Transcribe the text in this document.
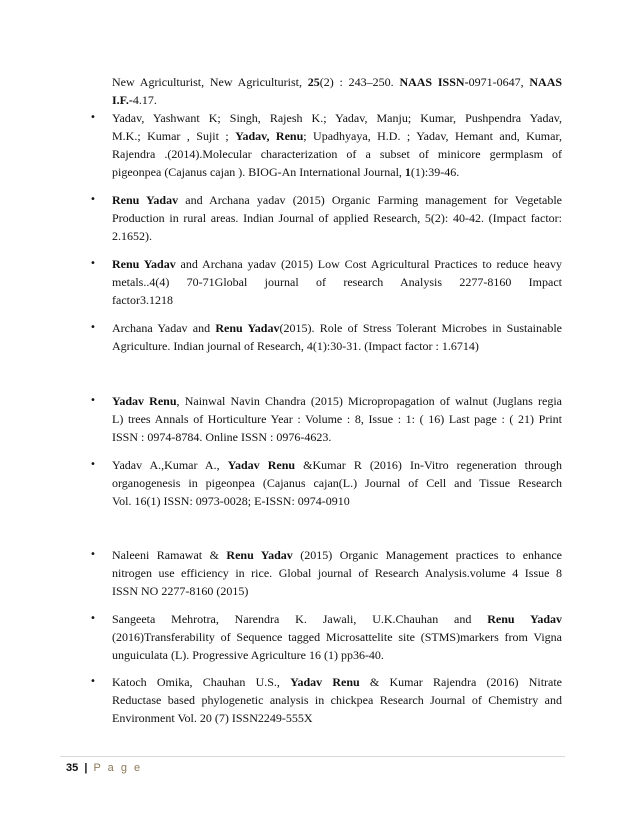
New Agriculturist, New Agriculturist, 25(2) : 243–250. NAAS ISSN-0971-0647, NAAS
I.F.-4.17.
•	Yadav, Yashwant K; Singh, Rajesh K.; Yadav, Manju; Kumar, Pushpendra Yadav,
M.K.; Kumar , Sujit ; Yadav, Renu; Upadhyaya, H.D. ; Yadav, Hemant and, Kumar,
Rajendra .(2014).Molecular characterization of a subset of minicore germplasm of
pigeonpea (Cajanus cajan ). BIOG-An International Journal, 1(1):39-46.
•	Renu Yadav and Archana yadav (2015) Organic Farming management for Vegetable
Production in rural areas. Indian Journal of applied Research, 5(2): 40-42. (Impact factor:
2.1652).
•	Renu Yadav and Archana yadav (2015) Low Cost Agricultural Practices to reduce heavy
metals..4(4) 70-71Global journal of research Analysis 2277-8160 Impact
factor3.1218
•	Archana Yadav and Renu Yadav(2015). Role of Stress Tolerant Microbes in Sustainable
Agriculture. Indian journal of Research, 4(1):30-31. (Impact factor : 1.6714)
•	Yadav Renu, Nainwal Navin Chandra (2015) Micropropagation of walnut (Juglans regia
L) trees Annals of Horticulture Year : Volume : 8, Issue : 1: ( 16) Last page : ( 21) Print
ISSN : 0974-8784. Online ISSN : 0976-4623.
•	Yadav A.,Kumar A., Yadav Renu &Kumar R (2016) In-Vitro regeneration through
organogenesis in pigeonpea (Cajanus cajan(L.) Journal of Cell and Tissue Research
Vol. 16(1) ISSN: 0973-0028; E-ISSN: 0974-0910
•	Naleeni Ramawat & Renu Yadav (2015) Organic Management practices to enhance
nitrogen use efficiency in rice. Global journal of Research Analysis.volume 4 Issue 8
ISSN NO 2277-8160 (2015)
•	Sangeeta Mehrotra, Narendra K. Jawali, U.K.Chauhan and Renu Yadav
(2016)Transferability of Sequence tagged Microsattelite site (STMS)markers from Vigna
unguiculata (L). Progressive Agriculture 16 (1) pp36-40.
•	Katoch Omika, Chauhan U.S., Yadav Renu & Kumar Rajendra (2016) Nitrate
Reductase based phylogenetic analysis in chickpea Research Journal of Chemistry and
Environment Vol. 20 (7) ISSN2249-555X
35 | P a g e
